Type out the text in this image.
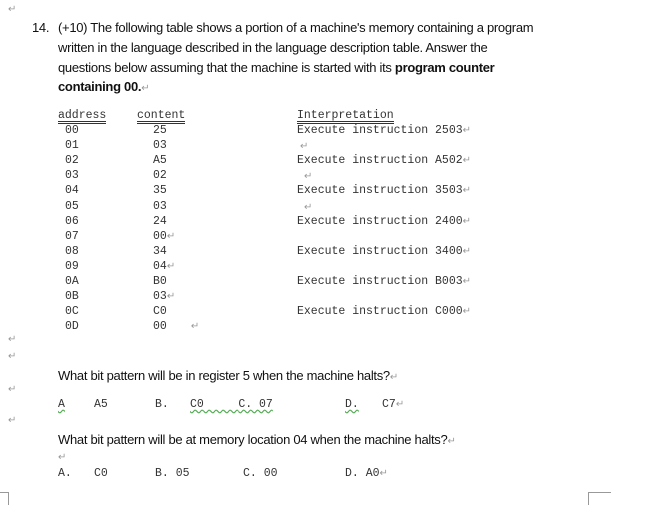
↵
14. (+10) The following table shows a portion of a machine's memory containing a program
written in the language described in the language description table. Answer the
questions below assuming that the machine is started with its program counter
containing 00.↵
address	content	Interpretation
00	25	Execute instruction 2503↵
01	03	↵
02	A5	Execute instruction A502↵
03	02	↵
04	35	Execute instruction 3503↵
05	03	↵
06	24	Execute instruction 2400↵
07	00↵
08	34	Execute instruction 3400↵
09	04↵
0A	B0	Execute instruction B003↵
0B	03↵
0C	C0	Execute instruction C000↵
0D	00 ↵
↵
↵
What bit pattern will be in register 5 when the machine halts?↵
↵
A	A5	B. C0	C. 07	D. C7↵
↵
What bit pattern will be at memory location 04 when the machine halts?↵
↵
A. C0	B. 05	C. 00	D. A0↵
